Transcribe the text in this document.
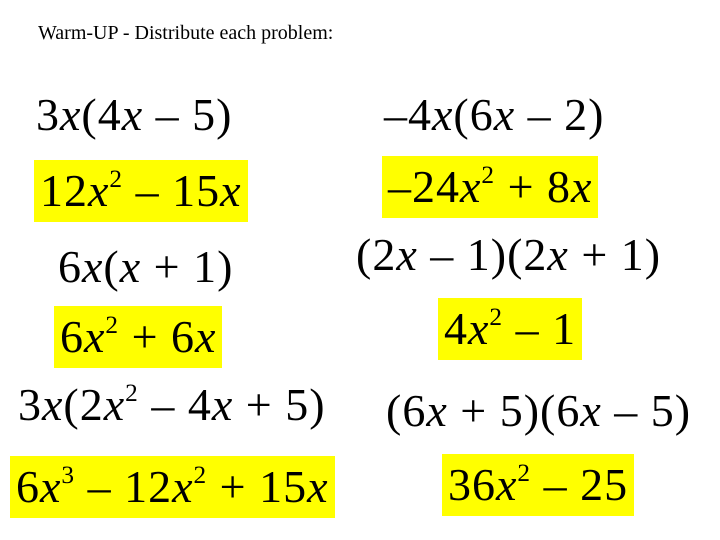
Warm-UP - Distribute each problem:
3x(4x – 5)
$12x^2 - 15x$
–4x(6x – 2)
$-24x^2 + 8x$
6x(x + 1)
$6x^2 + 6x$
(2x – 1)(2x + 1)
$4x^2 - 1$
$3x(2x^2 - 4x + 5)$
$6x^3 - 12x^2 + 15x$
(6x + 5)(6x – 5)
$36x^2 - 25$
